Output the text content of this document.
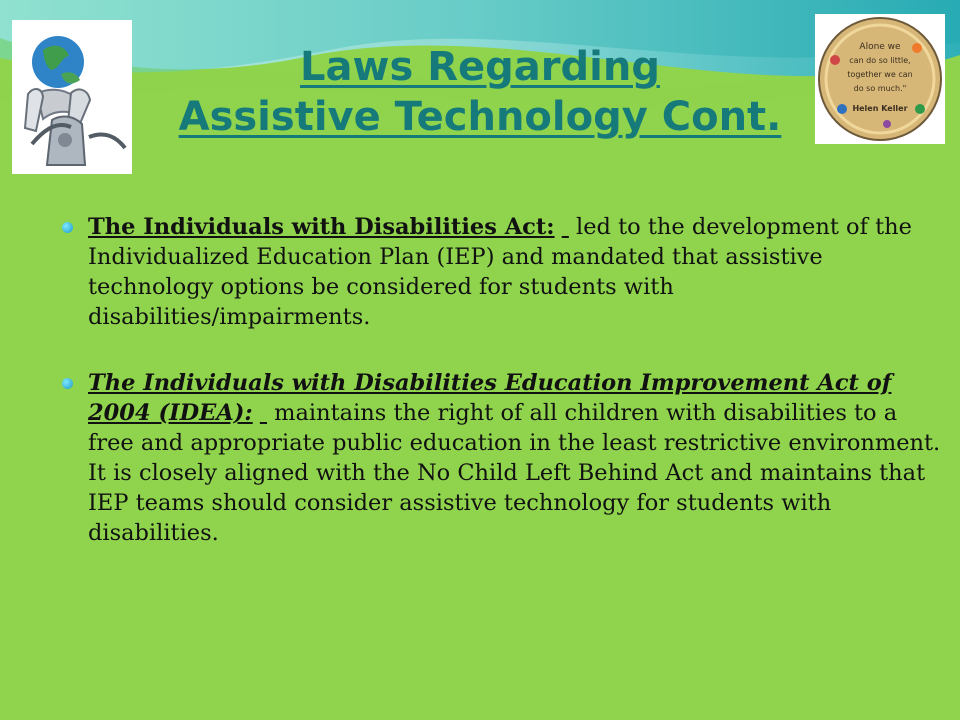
Laws Regarding
Assistive Technology Cont.
Alone we
can do so little,
together we can
do so much."
Helen Keller

The Individuals with Disabilities Act: led to the development of the Individualized Education Plan (IEP) and mandated that assistive technology options be considered for students with disabilities/impairments.

The Individuals with Disabilities Education Improvement Act of 2004 (IDEA): maintains the right of all children with disabilities to a free and appropriate public education in the least restrictive environment. It is closely aligned with the No Child Left Behind Act and maintains that IEP teams should consider assistive technology for students with disabilities.
